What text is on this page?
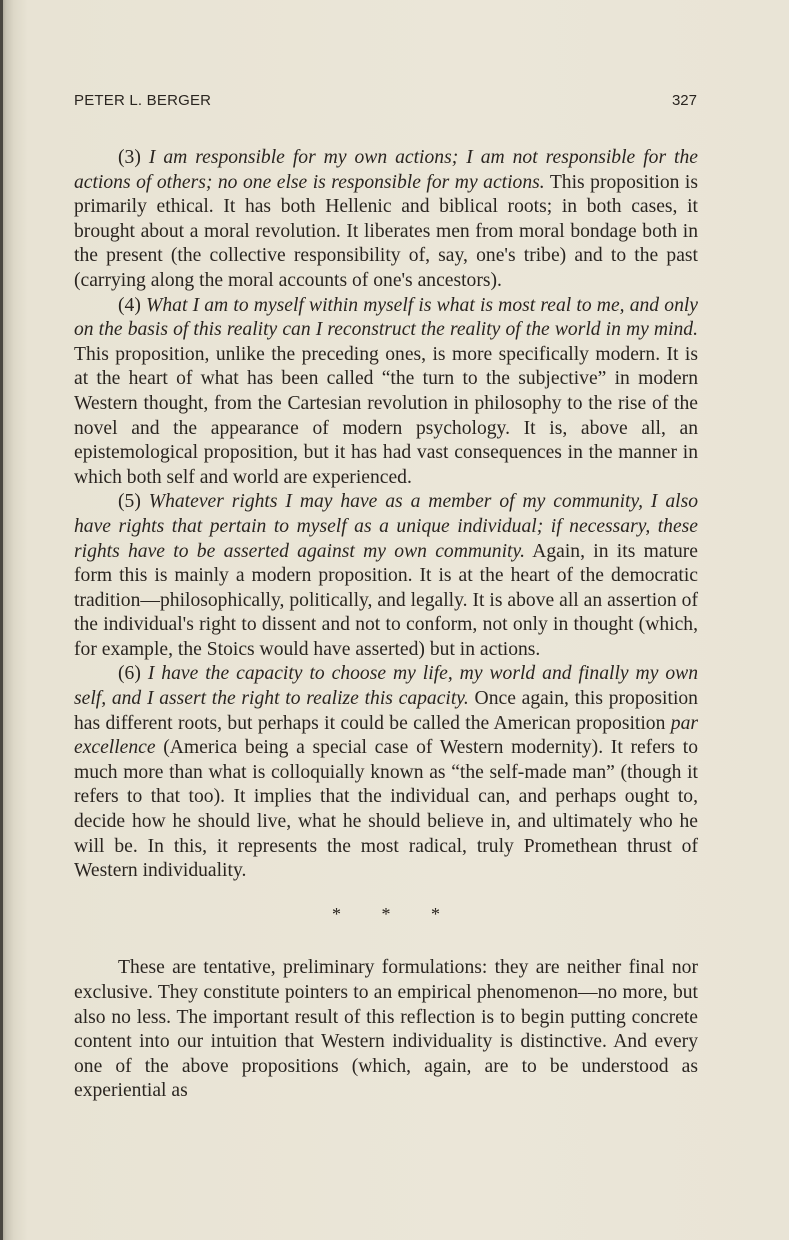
PETER L. BERGER	327

(3) I am responsible for my own actions; I am not responsible for the actions of others; no one else is responsible for my actions. This proposition is primarily ethical. It has both Hellenic and biblical roots; in both cases, it brought about a moral revolution. It liberates men from moral bondage both in the present (the collective responsibility of, say, one's tribe) and to the past (carrying along the moral accounts of one's ancestors).

(4) What I am to myself within myself is what is most real to me, and only on the basis of this reality can I reconstruct the reality of the world in my mind. This proposition, unlike the preceding ones, is more specifically modern. It is at the heart of what has been called “the turn to the subjective” in modern Western thought, from the Cartesian revolution in philosophy to the rise of the novel and the appearance of modern psychology. It is, above all, an epistemological proposition, but it has had vast consequences in the manner in which both self and world are experienced.

(5) Whatever rights I may have as a member of my community, I also have rights that pertain to myself as a unique individual; if necessary, these rights have to be asserted against my own community. Again, in its mature form this is mainly a modern proposition. It is at the heart of the democratic tradition—philosophically, politically, and legally. It is above all an assertion of the individual's right to dissent and not to conform, not only in thought (which, for example, the Stoics would have asserted) but in actions.

(6) I have the capacity to choose my life, my world and finally my own self, and I assert the right to realize this capacity. Once again, this proposition has different roots, but perhaps it could be called the American proposition par excellence (America being a special case of Western modernity). It refers to much more than what is colloquially known as “the self-made man” (though it refers to that too). It implies that the individual can, and perhaps ought to, decide how he should live, what he should believe in, and ultimately who he will be. In this, it represents the most radical, truly Promethean thrust of Western individuality.

* * *

These are tentative, preliminary formulations: they are neither final nor exclusive. They constitute pointers to an empirical phenomenon—no more, but also no less. The important result of this reflection is to begin putting concrete content into our intuition that Western individuality is distinctive. And every one of the above propositions (which, again, are to be understood as experiential as
